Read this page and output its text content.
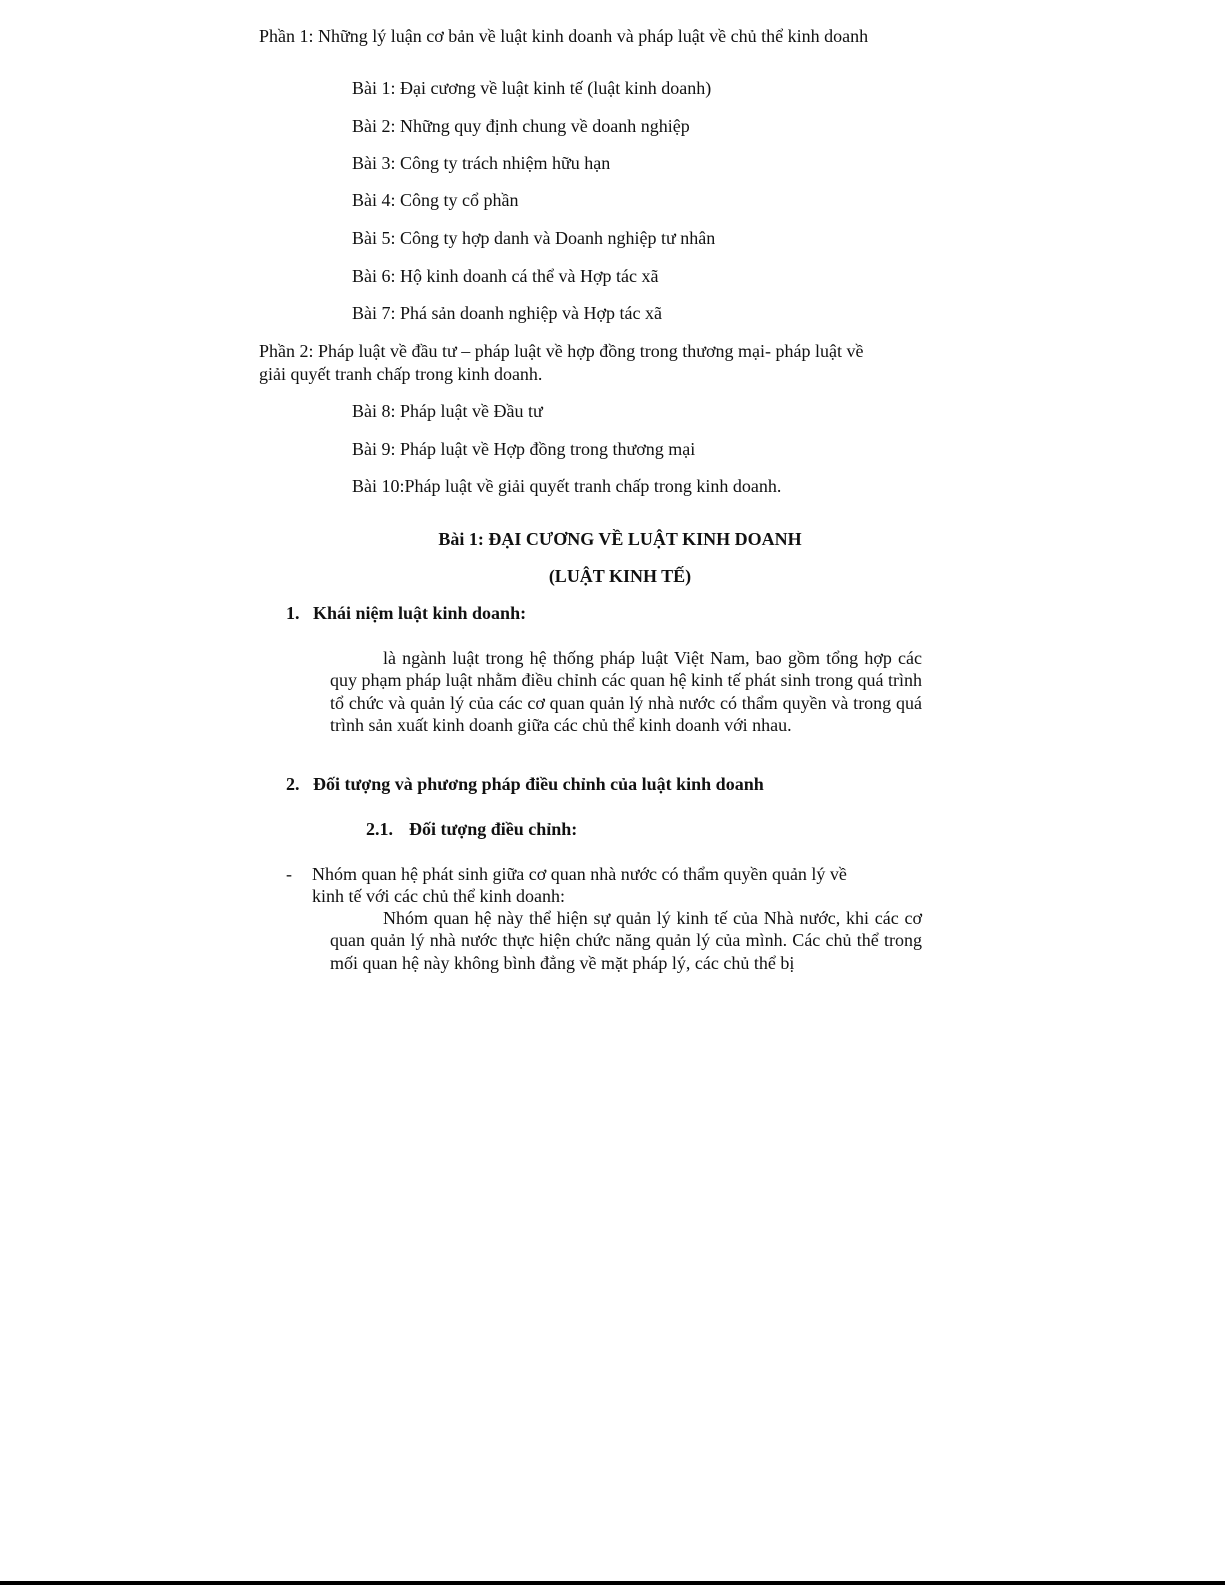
Phần 1: Những lý luận cơ bản về luật kinh doanh và pháp luật về chủ thể kinh doanh
Bài 1: Đại cương về luật kinh tế (luật kinh doanh)
Bài 2: Những quy định chung về doanh nghiệp
Bài 3: Công ty trách nhiệm hữu hạn
Bài 4: Công ty cổ phần
Bài 5: Công ty hợp danh và Doanh nghiệp tư nhân
Bài 6: Hộ kinh doanh cá thể và Hợp tác xã
Bài 7: Phá sản doanh nghiệp và Hợp tác xã
Phần 2: Pháp luật về đầu tư – pháp luật về hợp đồng trong thương mại- pháp luật về
giải quyết tranh chấp trong kinh doanh.
Bài 8: Pháp luật về Đầu tư
Bài 9: Pháp luật về Hợp đồng trong thương mại
Bài 10:Pháp luật về giải quyết tranh chấp trong kinh doanh.
Bài 1: ĐẠI CƯƠNG VỀ LUẬT KINH DOANH
(LUẬT KINH TẾ)
1. Khái niệm luật kinh doanh:
là ngành luật trong hệ thống pháp luật Việt Nam, bao gồm tổng hợp các quy phạm pháp luật nhằm điều chỉnh các quan hệ kinh tế phát sinh trong quá trình tổ chức và quản lý của các cơ quan quản lý nhà nước có thẩm quyền và trong quá trình sản xuất kinh doanh giữa các chủ thể kinh doanh với nhau.
2. Đối tượng và phương pháp điều chỉnh của luật kinh doanh
2.1. Đối tượng điều chỉnh:
- Nhóm quan hệ phát sinh giữa cơ quan nhà nước có thẩm quyền quản lý về
kinh tế với các chủ thể kinh doanh:
Nhóm quan hệ này thể hiện sự quản lý kinh tế của Nhà nước, khi các cơ quan quản lý nhà nước thực hiện chức năng quản lý của mình. Các chủ thể trong mối quan hệ này không bình đẳng về mặt pháp lý, các chủ thể bị
